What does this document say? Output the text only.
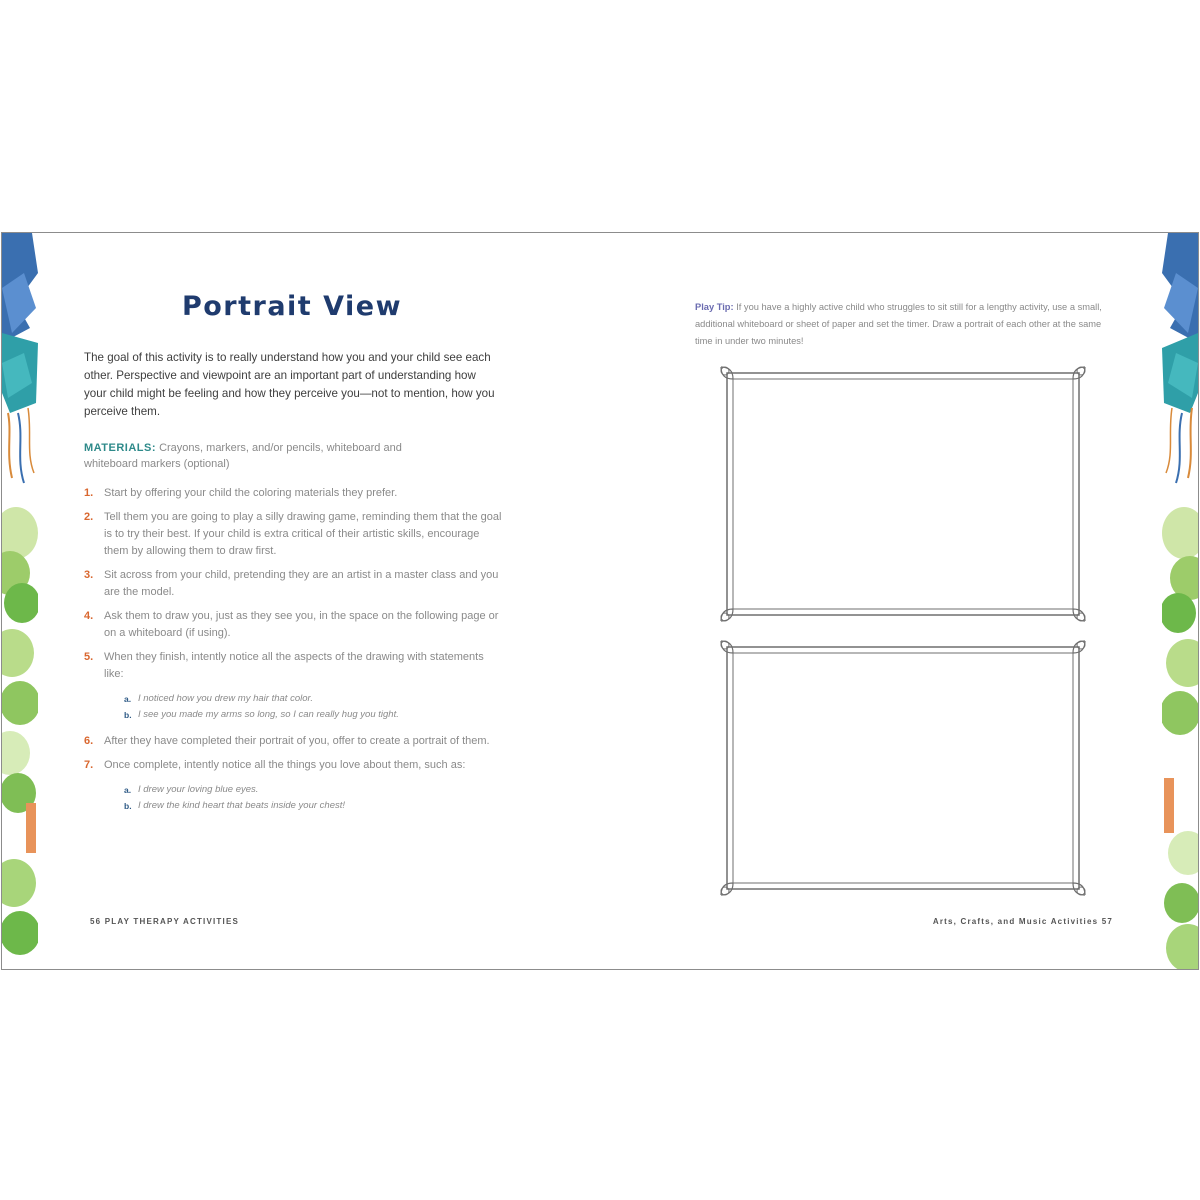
Portrait View

The goal of this activity is to really understand how you and your child see each other. Perspective and viewpoint are an important part of understanding how your child might be feeling and how they perceive you—not to mention, how you perceive them.

MATERIALS: Crayons, markers, and/or pencils, whiteboard and whiteboard markers (optional)

1. Start by offering your child the coloring materials they prefer.
2. Tell them you are going to play a silly drawing game, reminding them that the goal is to try their best. If your child is extra critical of their artistic skills, encourage them by allowing them to draw first.
3. Sit across from your child, pretending they are an artist in a master class and you are the model.
4. Ask them to draw you, just as they see you, in the space on the following page or on a whiteboard (if using).
5. When they finish, intently notice all the aspects of the drawing with statements like:
a. I noticed how you drew my hair that color.
b. I see you made my arms so long, so I can really hug you tight.
6. After they have completed their portrait of you, offer to create a portrait of them.
7. Once complete, intently notice all the things you love about them, such as:
a. I drew your loving blue eyes.
b. I drew the kind heart that beats inside your chest!
56 PLAY THERAPY ACTIVITIES

Play Tip: If you have a highly active child who struggles to sit still for a lengthy activity, use a small, additional whiteboard or sheet of paper and set the timer. Draw a portrait of each other at the same time in under two minutes!

Arts, Crafts, and Music Activities 57
